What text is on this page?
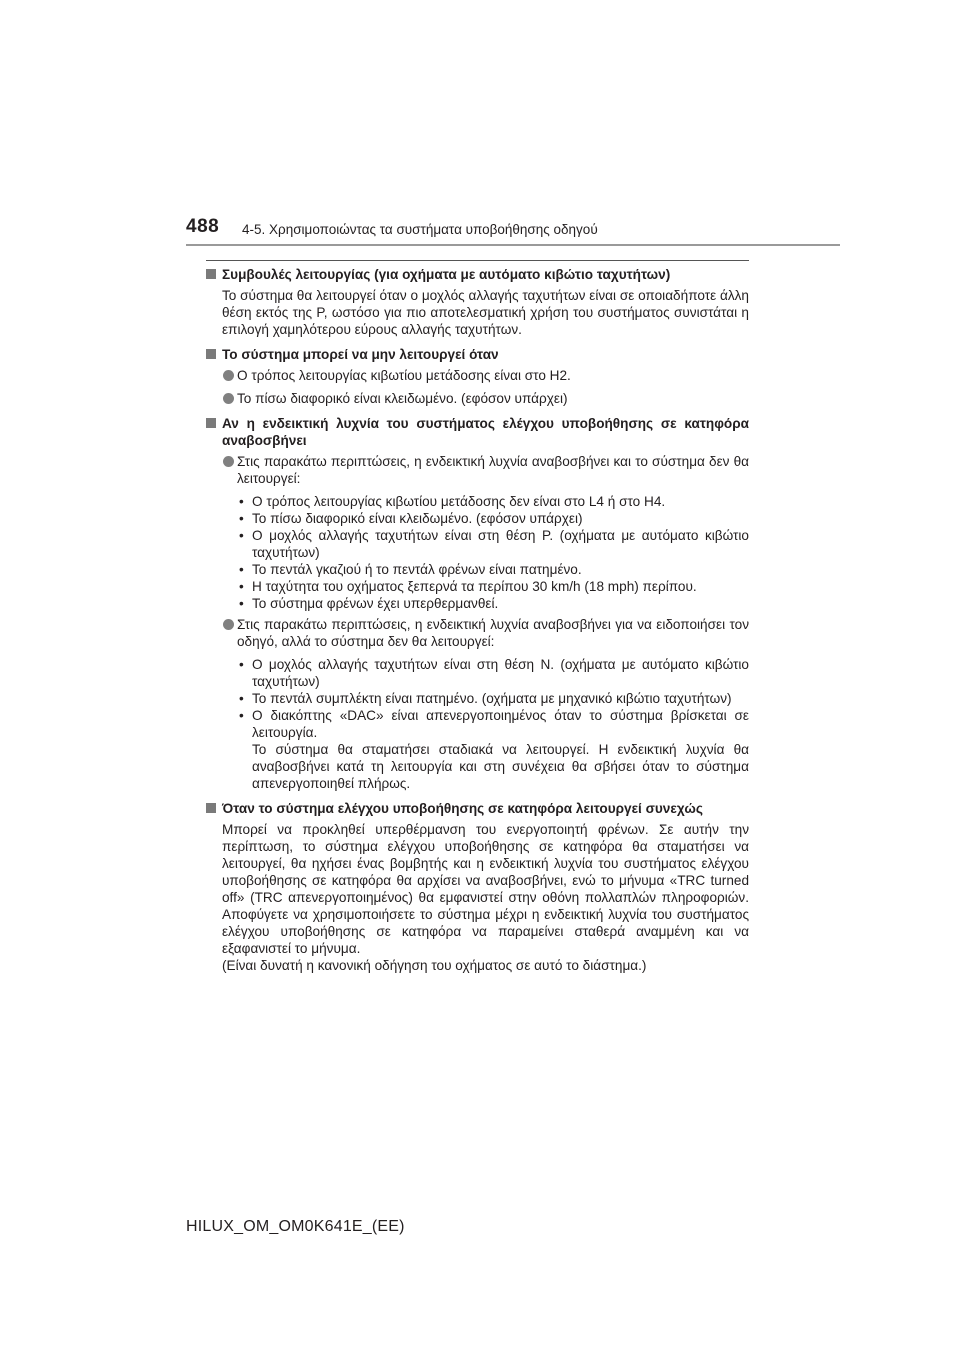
488 4-5. Χρησιμοποιώντας τα συστήματα υποβοήθησης οδηγού
Συμβουλές λειτουργίας (για οχήματα με αυτόματο κιβώτιο ταχυτήτων)
Το σύστημα θα λειτουργεί όταν ο μοχλός αλλαγής ταχυτήτων είναι σε οποιαδήποτε άλλη θέση εκτός της P, ωστόσο για πιο αποτελεσματική χρήση του συστήματος συνιστάται η επιλογή χαμηλότερου εύρους αλλαγής ταχυτήτων.
Το σύστημα μπορεί να μην λειτουργεί όταν
Ο τρόπος λειτουργίας κιβωτίου μετάδοσης είναι στο H2.
Το πίσω διαφορικό είναι κλειδωμένο. (εφόσον υπάρχει)
Αν η ενδεικτική λυχνία του συστήματος ελέγχου υποβοήθησης σε κατηφόρα αναβοσβήνει
Στις παρακάτω περιπτώσεις, η ενδεικτική λυχνία αναβοσβήνει και το σύστημα δεν θα λειτουργεί:
• Ο τρόπος λειτουργίας κιβωτίου μετάδοσης δεν είναι στο L4 ή στο H4.
• Το πίσω διαφορικό είναι κλειδωμένο. (εφόσον υπάρχει)
• Ο μοχλός αλλαγής ταχυτήτων είναι στη θέση P. (οχήματα με αυτόματο κιβώτιο ταχυτήτων)
• Το πεντάλ γκαζιού ή το πεντάλ φρένων είναι πατημένο.
• Η ταχύτητα του οχήματος ξεπερνά τα περίπου 30 km/h (18 mph) περίπου.
• Το σύστημα φρένων έχει υπερθερμανθεί.
Στις παρακάτω περιπτώσεις, η ενδεικτική λυχνία αναβοσβήνει για να ειδοποιήσει τον οδηγό, αλλά το σύστημα δεν θα λειτουργεί:
• Ο μοχλός αλλαγής ταχυτήτων είναι στη θέση N. (οχήματα με αυτόματο κιβώτιο ταχυτήτων)
• Το πεντάλ συμπλέκτη είναι πατημένο. (οχήματα με μηχανικό κιβώτιο ταχυτήτων)
• Ο διακόπτης «DAC» είναι απενεργοποιημένος όταν το σύστημα βρίσκεται σε λειτουργία.
Το σύστημα θα σταματήσει σταδιακά να λειτουργεί. Η ενδεικτική λυχνία θα αναβοσβήνει κατά τη λειτουργία και στη συνέχεια θα σβήσει όταν το σύστημα απενεργοποιηθεί πλήρως.
Όταν το σύστημα ελέγχου υποβοήθησης σε κατηφόρα λειτουργεί συνεχώς
Μπορεί να προκληθεί υπερθέρμανση του ενεργοποιητή φρένων. Σε αυτήν την περίπτωση, το σύστημα ελέγχου υποβοήθησης σε κατηφόρα θα σταματήσει να λειτουργεί, θα ηχήσει ένας βομβητής και η ενδεικτική λυχνία του συστήματος ελέγχου υποβοήθησης σε κατηφόρα θα αρχίσει να αναβοσβήνει, ενώ το μήνυμα «TRC turned off» (TRC απενεργοποιημένος) θα εμφανιστεί στην οθόνη πολλαπλών πληροφοριών. Αποφύγετε να χρησιμοποιήσετε το σύστημα μέχρι η ενδεικτική λυχνία του συστήματος ελέγχου υποβοήθησης σε κατηφόρα να παραμείνει σταθερά αναμμένη και να εξαφανιστεί το μήνυμα.
(Είναι δυνατή η κανονική οδήγηση του οχήματος σε αυτό το διάστημα.)
HILUX_OM_OM0K641E_(EE)
